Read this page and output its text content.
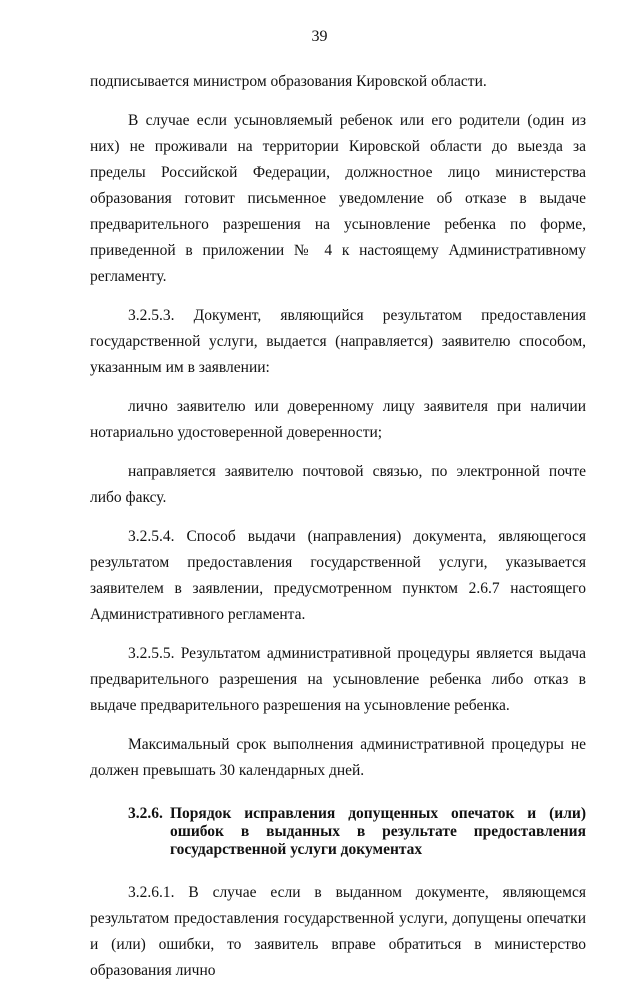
39

подписывается министром образования Кировской области.

В случае если усыновляемый ребенок или его родители (один из них) не проживали на территории Кировской области до выезда за пределы Российской Федерации, должностное лицо министерства образования готовит письменное уведомление об отказе в выдаче предварительного разрешения на усыновление ребенка по форме, приведенной в приложении № 4 к настоящему Административному регламенту.

3.2.5.3. Документ, являющийся результатом предоставления государственной услуги, выдается (направляется) заявителю способом, указанным им в заявлении:

лично заявителю или доверенному лицу заявителя при наличии нотариально удостоверенной доверенности;

направляется заявителю почтовой связью, по электронной почте либо факсу.

3.2.5.4. Способ выдачи (направления) документа, являющегося результатом предоставления государственной услуги, указывается заявителем в заявлении, предусмотренном пунктом 2.6.7 настоящего Административного регламента.

3.2.5.5. Результатом административной процедуры является выдача предварительного разрешения на усыновление ребенка либо отказ в выдаче предварительного разрешения на усыновление ребенка.

Максимальный срок выполнения административной процедуры не должен превышать 30 календарных дней.

3.2.6. Порядок исправления допущенных опечаток и (или) ошибок в выданных в результате предоставления государственной услуги документах

3.2.6.1. В случае если в выданном документе, являющемся результатом предоставления государственной услуги, допущены опечатки и (или) ошибки, то заявитель вправе обратиться в министерство образования лично
